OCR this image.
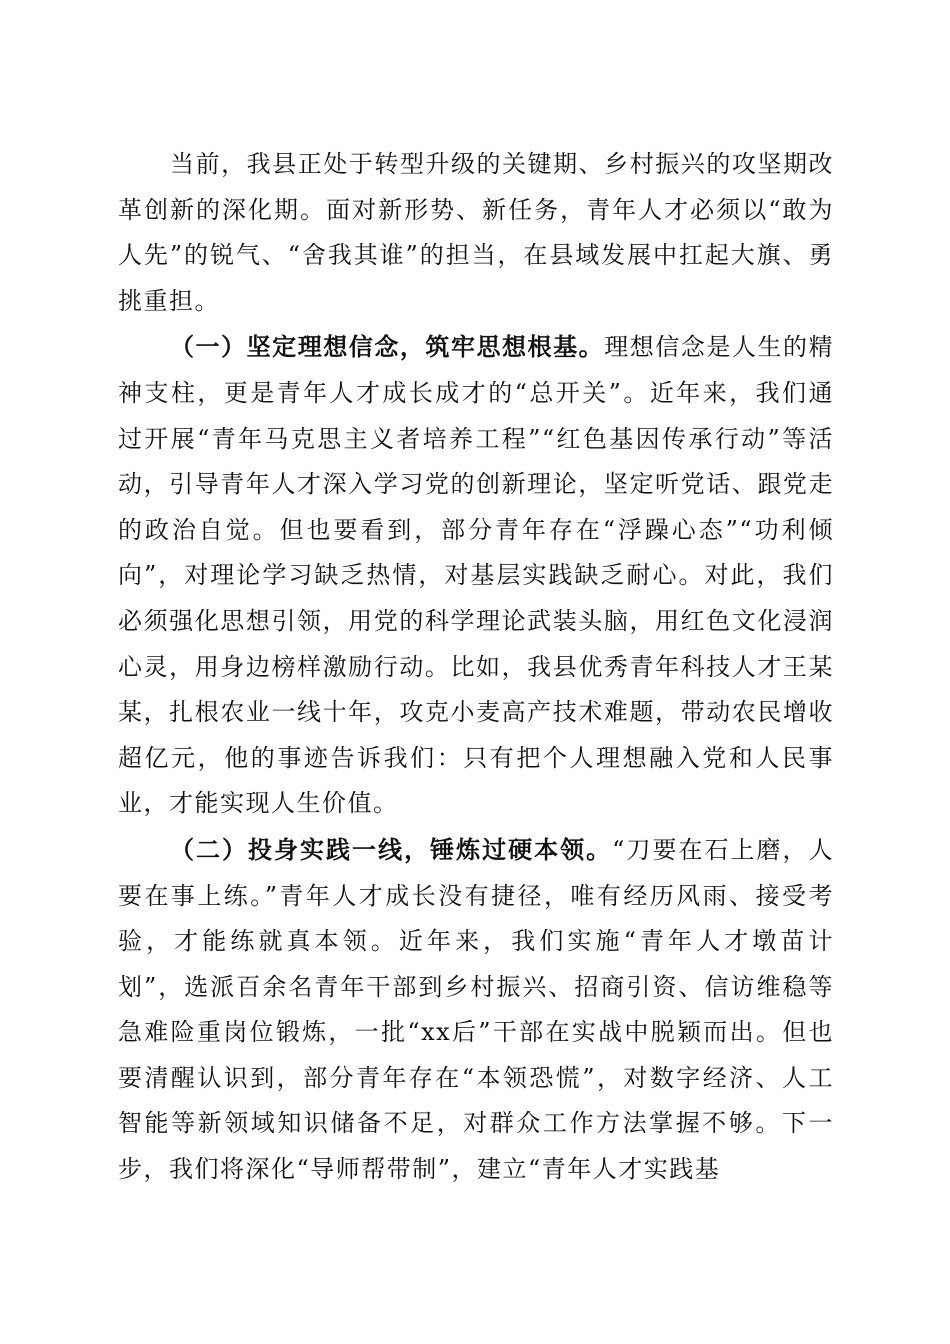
当前，我县正处于转型升级的关键期、乡村振兴的攻坚期改革创新的深化期。面对新形势、新任务，青年人才必须以“敢为人先”的锐气、“舍我其谁”的担当，在县域发展中扛起大旗、勇挑重担。

（一）坚定理想信念，筑牢思想根基。理想信念是人生的精神支柱，更是青年人才成长成才的“总开关”。近年来，我们通过开展“青年马克思主义者培养工程”“红色基因传承行动”等活动，引导青年人才深入学习党的创新理论，坚定听党话、跟党走的政治自觉。但也要看到，部分青年存在“浮躁心态”“功利倾向”，对理论学习缺乏热情，对基层实践缺乏耐心。对此，我们必须强化思想引领，用党的科学理论武装头脑，用红色文化浸润心灵，用身边榜样激励行动。比如，我县优秀青年科技人才王某某，扎根农业一线十年，攻克小麦高产技术难题，带动农民增收超亿元，他的事迹告诉我们：只有把个人理想融入党和人民事业，才能实现人生价值。

（二）投身实践一线，锤炼过硬本领。“刀要在石上磨，人要在事上练。”青年人才成长没有捷径，唯有经历风雨、接受考验，才能练就真本领。近年来，我们实施“青年人才墩苗计划”，选派百余名青年干部到乡村振兴、招商引资、信访维稳等急难险重岗位锻炼，一批“xx后”干部在实战中脱颖而出。但也要清醒认识到，部分青年存在“本领恐慌”，对数字经济、人工智能等新领域知识储备不足，对群众工作方法掌握不够。下一步，我们将深化“导师帮带制”，建立“青年人才实践基
